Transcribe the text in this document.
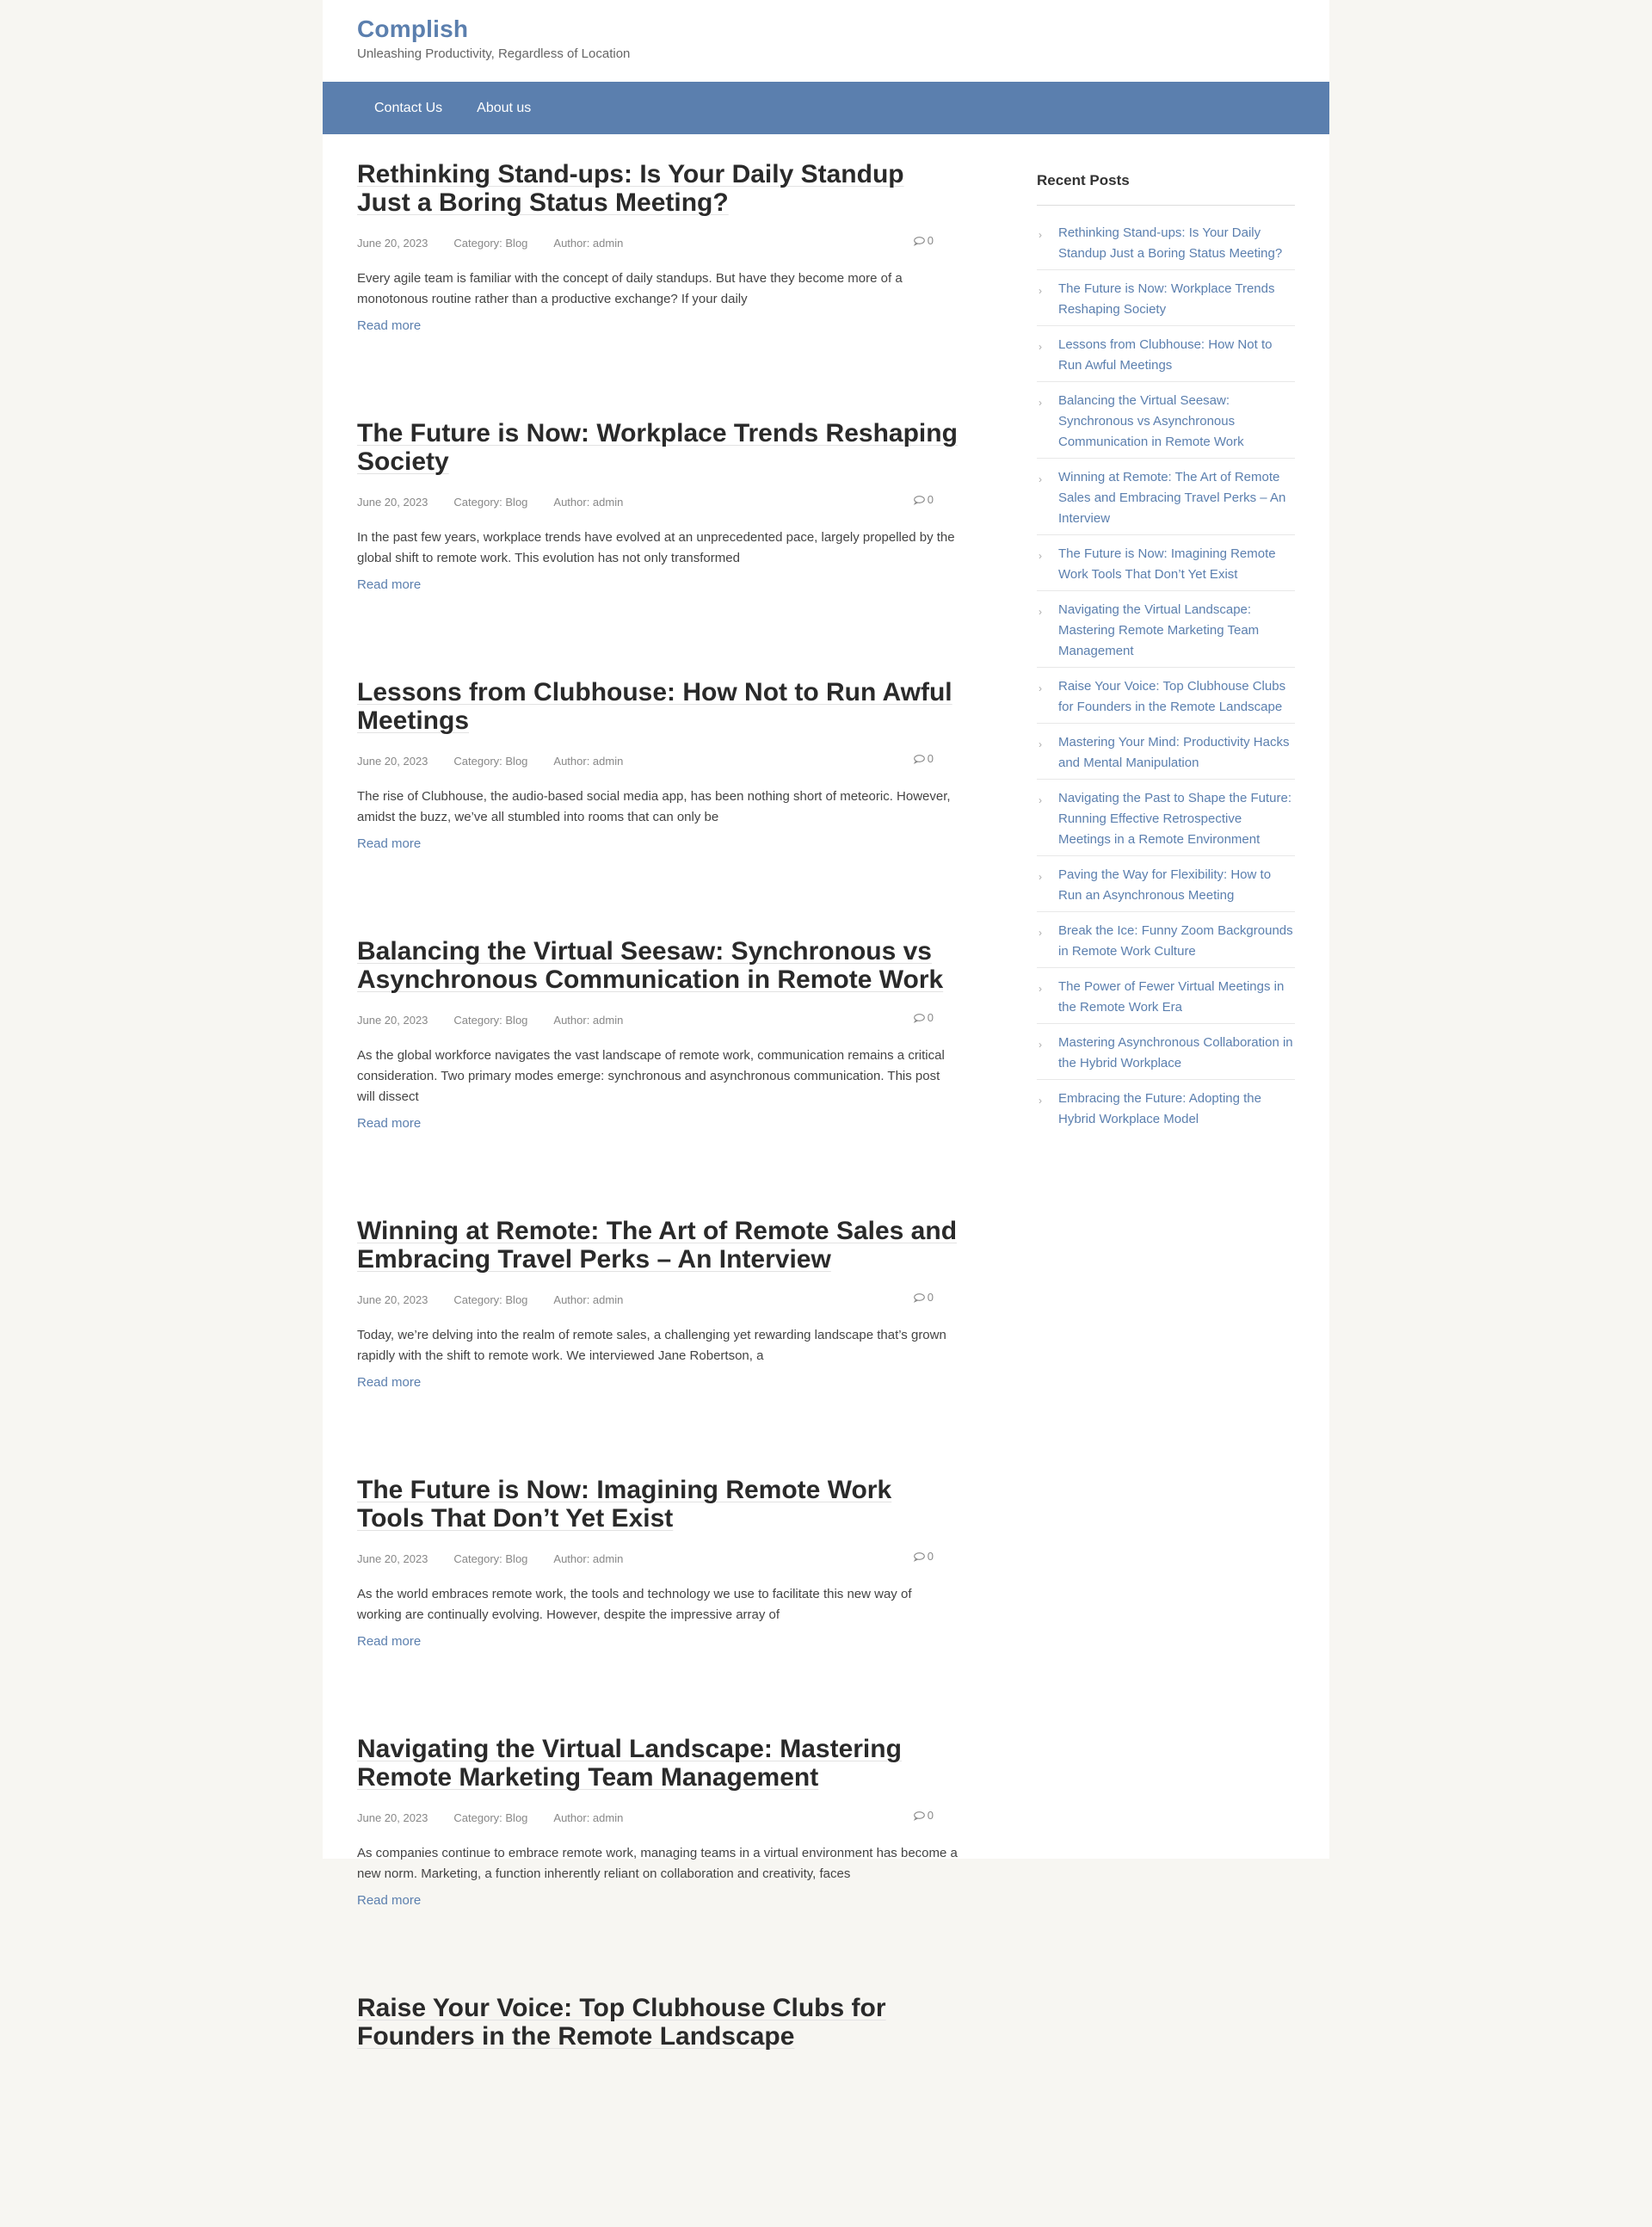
Complish
Unleashing Productivity, Regardless of Location
Contact Us	About us
Rethinking Stand-ups: Is Your Daily Standup Just a Boring Status Meeting?
June 20, 2023 Category: Blog Author: admin	0
Every agile team is familiar with the concept of daily standups. But have they become more of a monotonous routine rather than a productive exchange? If your daily
Read more
The Future is Now: Workplace Trends Reshaping Society
June 20, 2023 Category: Blog Author: admin	0
In the past few years, workplace trends have evolved at an unprecedented pace, largely propelled by the global shift to remote work. This evolution has not only transformed
Read more
Lessons from Clubhouse: How Not to Run Awful Meetings
June 20, 2023 Category: Blog Author: admin	0
The rise of Clubhouse, the audio-based social media app, has been nothing short of meteoric. However, amidst the buzz, we’ve all stumbled into rooms that can only be
Read more
Balancing the Virtual Seesaw: Synchronous vs Asynchronous Communication in Remote Work
June 20, 2023 Category: Blog Author: admin	0
As the global workforce navigates the vast landscape of remote work, communication remains a critical consideration. Two primary modes emerge: synchronous and asynchronous communication. This post will dissect
Read more
Winning at Remote: The Art of Remote Sales and Embracing Travel Perks – An Interview
June 20, 2023 Category: Blog Author: admin	0
Today, we’re delving into the realm of remote sales, a challenging yet rewarding landscape that’s grown rapidly with the shift to remote work. We interviewed Jane Robertson, a
Read more
The Future is Now: Imagining Remote Work Tools That Don’t Yet Exist
June 20, 2023 Category: Blog Author: admin	0
As the world embraces remote work, the tools and technology we use to facilitate this new way of working are continually evolving. However, despite the impressive array of
Read more
Navigating the Virtual Landscape: Mastering Remote Marketing Team Management
June 20, 2023 Category: Blog Author: admin	0
As companies continue to embrace remote work, managing teams in a virtual environment has become a new norm. Marketing, a function inherently reliant on collaboration and creativity, faces
Read more
Raise Your Voice: Top Clubhouse Clubs for Founders in the Remote Landscape
Recent Posts
› Rethinking Stand-ups: Is Your Daily Standup Just a Boring Status Meeting?
› The Future is Now: Workplace Trends Reshaping Society
› Lessons from Clubhouse: How Not to Run Awful Meetings
› Balancing the Virtual Seesaw: Synchronous vs Asynchronous Communication in Remote Work
› Winning at Remote: The Art of Remote Sales and Embracing Travel Perks – An Interview
› The Future is Now: Imagining Remote Work Tools That Don’t Yet Exist
› Navigating the Virtual Landscape: Mastering Remote Marketing Team Management
› Raise Your Voice: Top Clubhouse Clubs for Founders in the Remote Landscape
› Mastering Your Mind: Productivity Hacks and Mental Manipulation
› Navigating the Past to Shape the Future: Running Effective Retrospective Meetings in a Remote Environment
› Paving the Way for Flexibility: How to Run an Asynchronous Meeting
› Break the Ice: Funny Zoom Backgrounds in Remote Work Culture
› The Power of Fewer Virtual Meetings in the Remote Work Era
› Mastering Asynchronous Collaboration in the Hybrid Workplace
› Embracing the Future: Adopting the Hybrid Workplace Model
